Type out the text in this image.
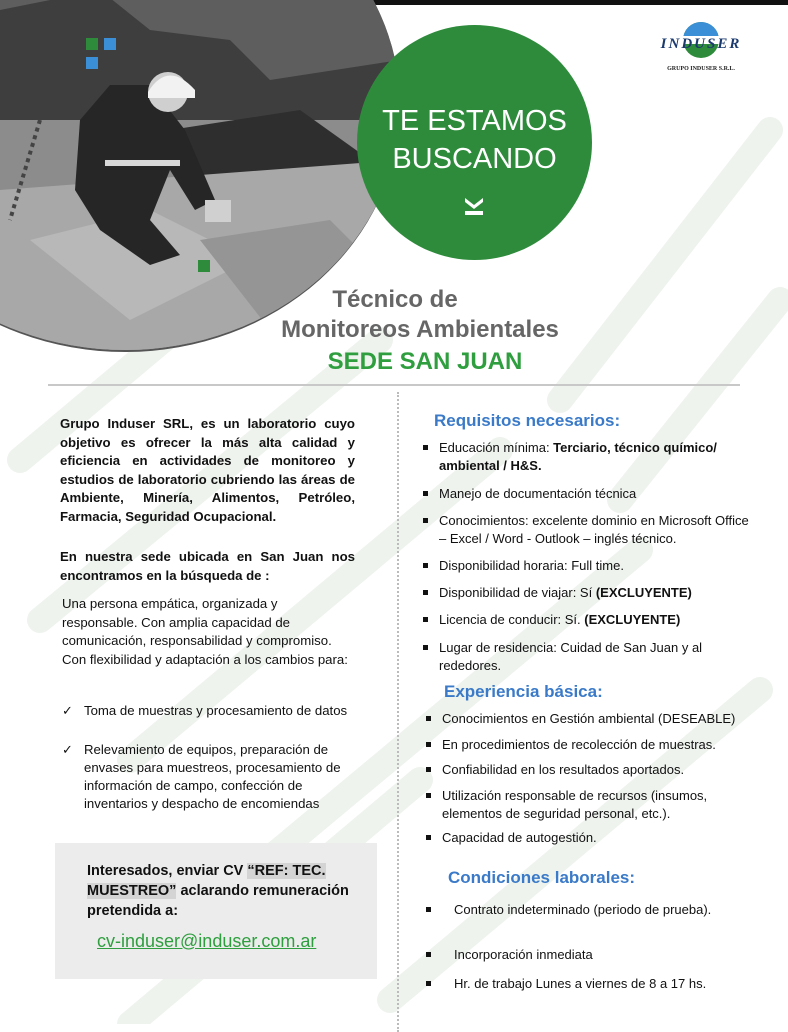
INDUSER
GRUPO INDUSER S.R.L.
TE ESTAMOS
BUSCANDO
Técnico de
Monitoreos Ambientales
SEDE SAN JUAN
Grupo Induser SRL, es un laboratorio cuyo objetivo es ofrecer la más alta calidad y eficiencia en actividades de monitoreo y estudios de laboratorio cubriendo las áreas de Ambiente, Minería, Alimentos, Petróleo, Farmacia, Seguridad Ocupacional.
En nuestra sede ubicada en San Juan nos encontramos en la búsqueda de :
Una persona empática, organizada y responsable. Con amplia capacidad de comunicación, responsabilidad y compromiso. Con flexibilidad y adaptación a los cambios para:
✓ Toma de muestras y procesamiento de datos
✓ Relevamiento de equipos, preparación de envases para muestreos, procesamiento de información de campo, confección de inventarios y despacho de encomiendas
Interesados, enviar CV “REF: TEC. MUESTREO” aclarando remuneración pretendida a:
cv-induser@induser.com.ar
Requisitos necesarios:
Educación mínima: Terciario, técnico químico/ ambiental / H&S.
Manejo de documentación técnica
Conocimientos: excelente dominio en Microsoft Office – Excel / Word - Outlook – inglés técnico.
Disponibilidad horaria: Full time.
Disponibilidad de viajar: Sí (EXCLUYENTE)
Licencia de conducir: Sí. (EXCLUYENTE)
Lugar de residencia: Cuidad de San Juan y al rededores.
Experiencia básica:
Conocimientos en Gestión ambiental (DESEABLE)
En procedimientos de recolección de muestras.
Confiabilidad en los resultados aportados.
Utilización responsable de recursos (insumos, elementos de seguridad personal, etc.).
Capacidad de autogestión.
Condiciones laborales:
Contrato indeterminado (periodo de prueba).
Incorporación inmediata
Hr. de trabajo Lunes a viernes de 8 a 17 hs.
